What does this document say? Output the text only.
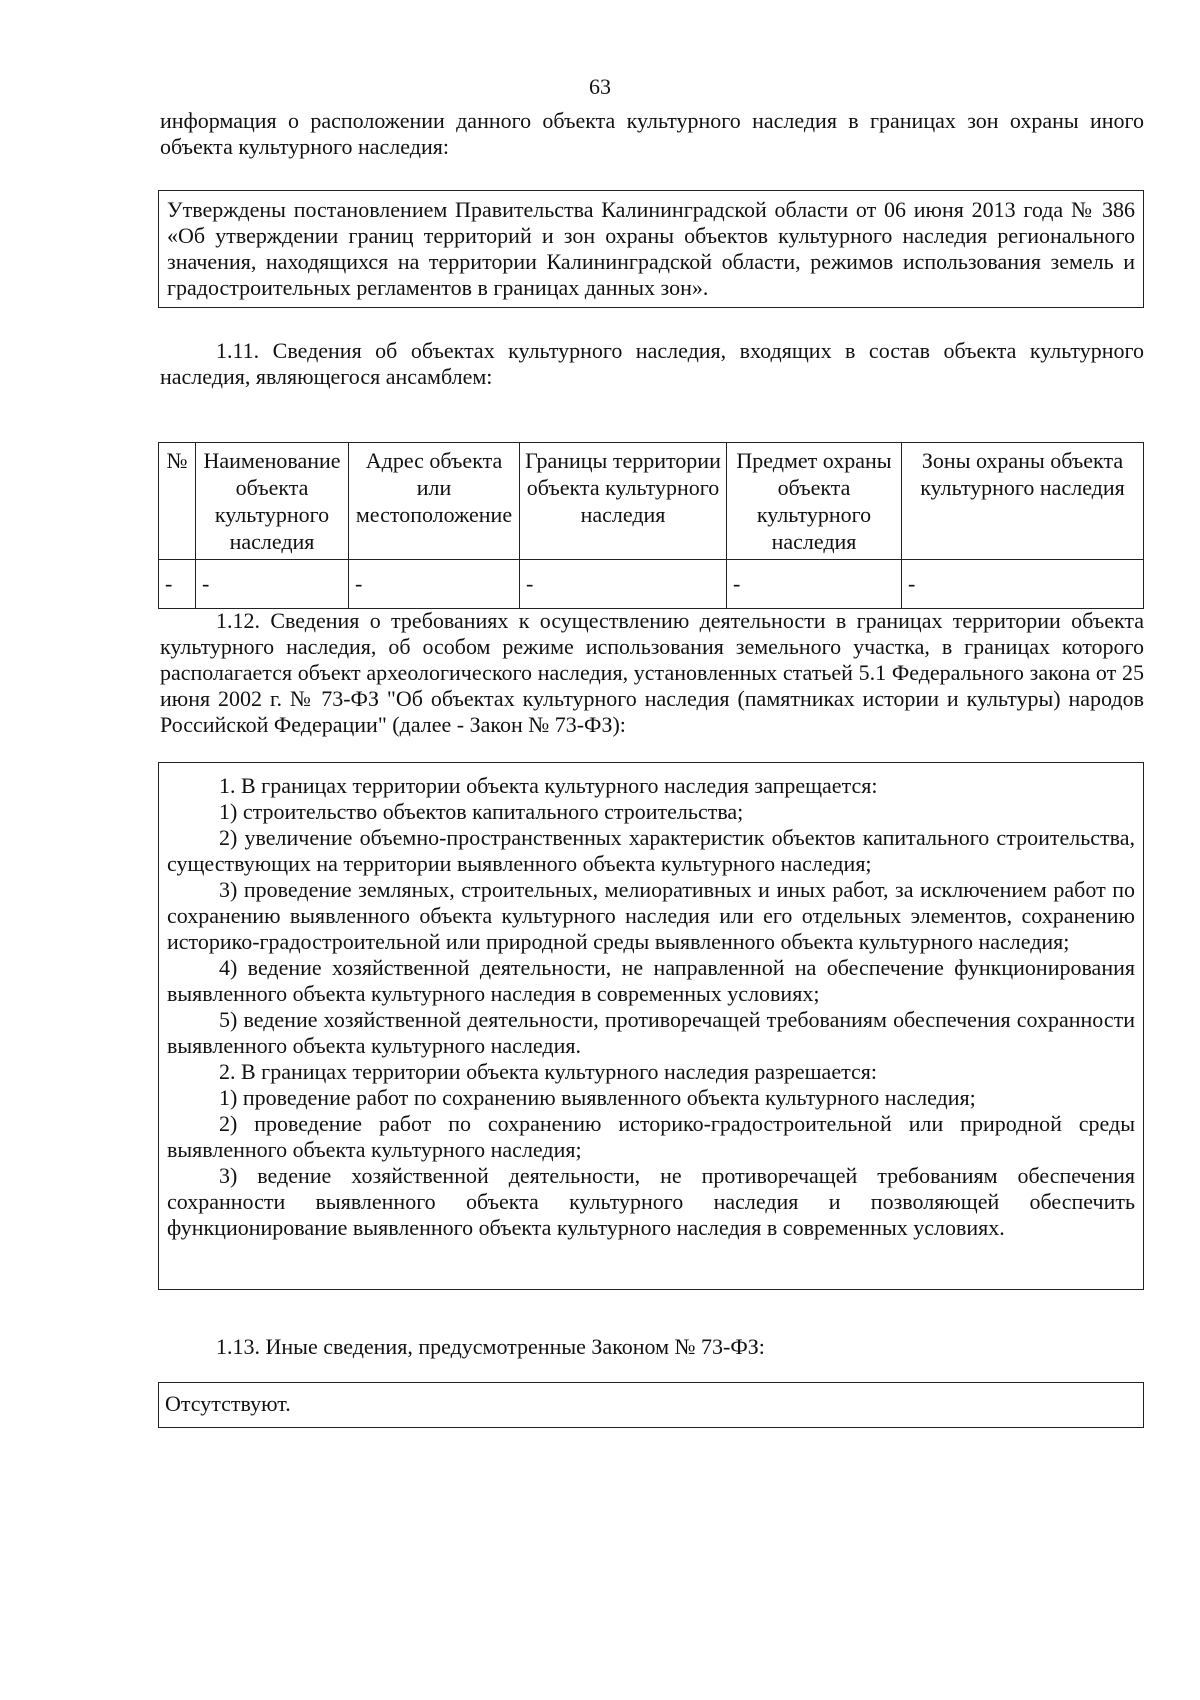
63

информация о расположении данного объекта культурного наследия в границах зон охраны иного объекта культурного наследия:

Утверждены постановлением Правительства Калининградской области от 06 июня 2013 года № 386 «Об утверждении границ территорий и зон охраны объектов культурного наследия регионального значения, находящихся на территории Калининградской области, режимов использования земель и градостроительных регламентов в границах данных зон».

1.11. Сведения об объектах культурного наследия, входящих в состав объекта культурного наследия, являющегося ансамблем:

№	Наименование объекта культурного наследия	Адрес объекта или местоположение	Границы территории объекта культурного наследия	Предмет охраны объекта культурного наследия	Зоны охраны объекта культурного наследия
-	-	-	-	-	-

1.12. Сведения о требованиях к осуществлению деятельности в границах территории объекта культурного наследия, об особом режиме использования земельного участка, в границах которого располагается объект археологического наследия, установленных статьей 5.1 Федерального закона от 25 июня 2002 г. № 73-ФЗ "Об объектах культурного наследия (памятниках истории и культуры) народов Российской Федерации" (далее - Закон № 73-ФЗ):

1. В границах территории объекта культурного наследия запрещается:

1) строительство объектов капитального строительства;

2) увеличение объемно-пространственных характеристик объектов капитального строительства, существующих на территории выявленного объекта культурного наследия;

3) проведение земляных, строительных, мелиоративных и иных работ, за исключением работ по сохранению выявленного объекта культурного наследия или его отдельных элементов, сохранению историко-градостроительной или природной среды выявленного объекта культурного наследия;

4) ведение хозяйственной деятельности, не направленной на обеспечение функционирования выявленного объекта культурного наследия в современных условиях;

5) ведение хозяйственной деятельности, противоречащей требованиям обеспечения сохранности выявленного объекта культурного наследия.

2. В границах территории объекта культурного наследия разрешается:

1) проведение работ по сохранению выявленного объекта культурного наследия;

2) проведение работ по сохранению историко-градостроительной или природной среды выявленного объекта культурного наследия;

3) ведение хозяйственной деятельности, не противоречащей требованиям обеспечения сохранности выявленного объекта культурного наследия и позволяющей обеспечить функционирование выявленного объекта культурного наследия в современных условиях.

1.13. Иные сведения, предусмотренные Законом № 73-ФЗ:

Отсутствуют.
